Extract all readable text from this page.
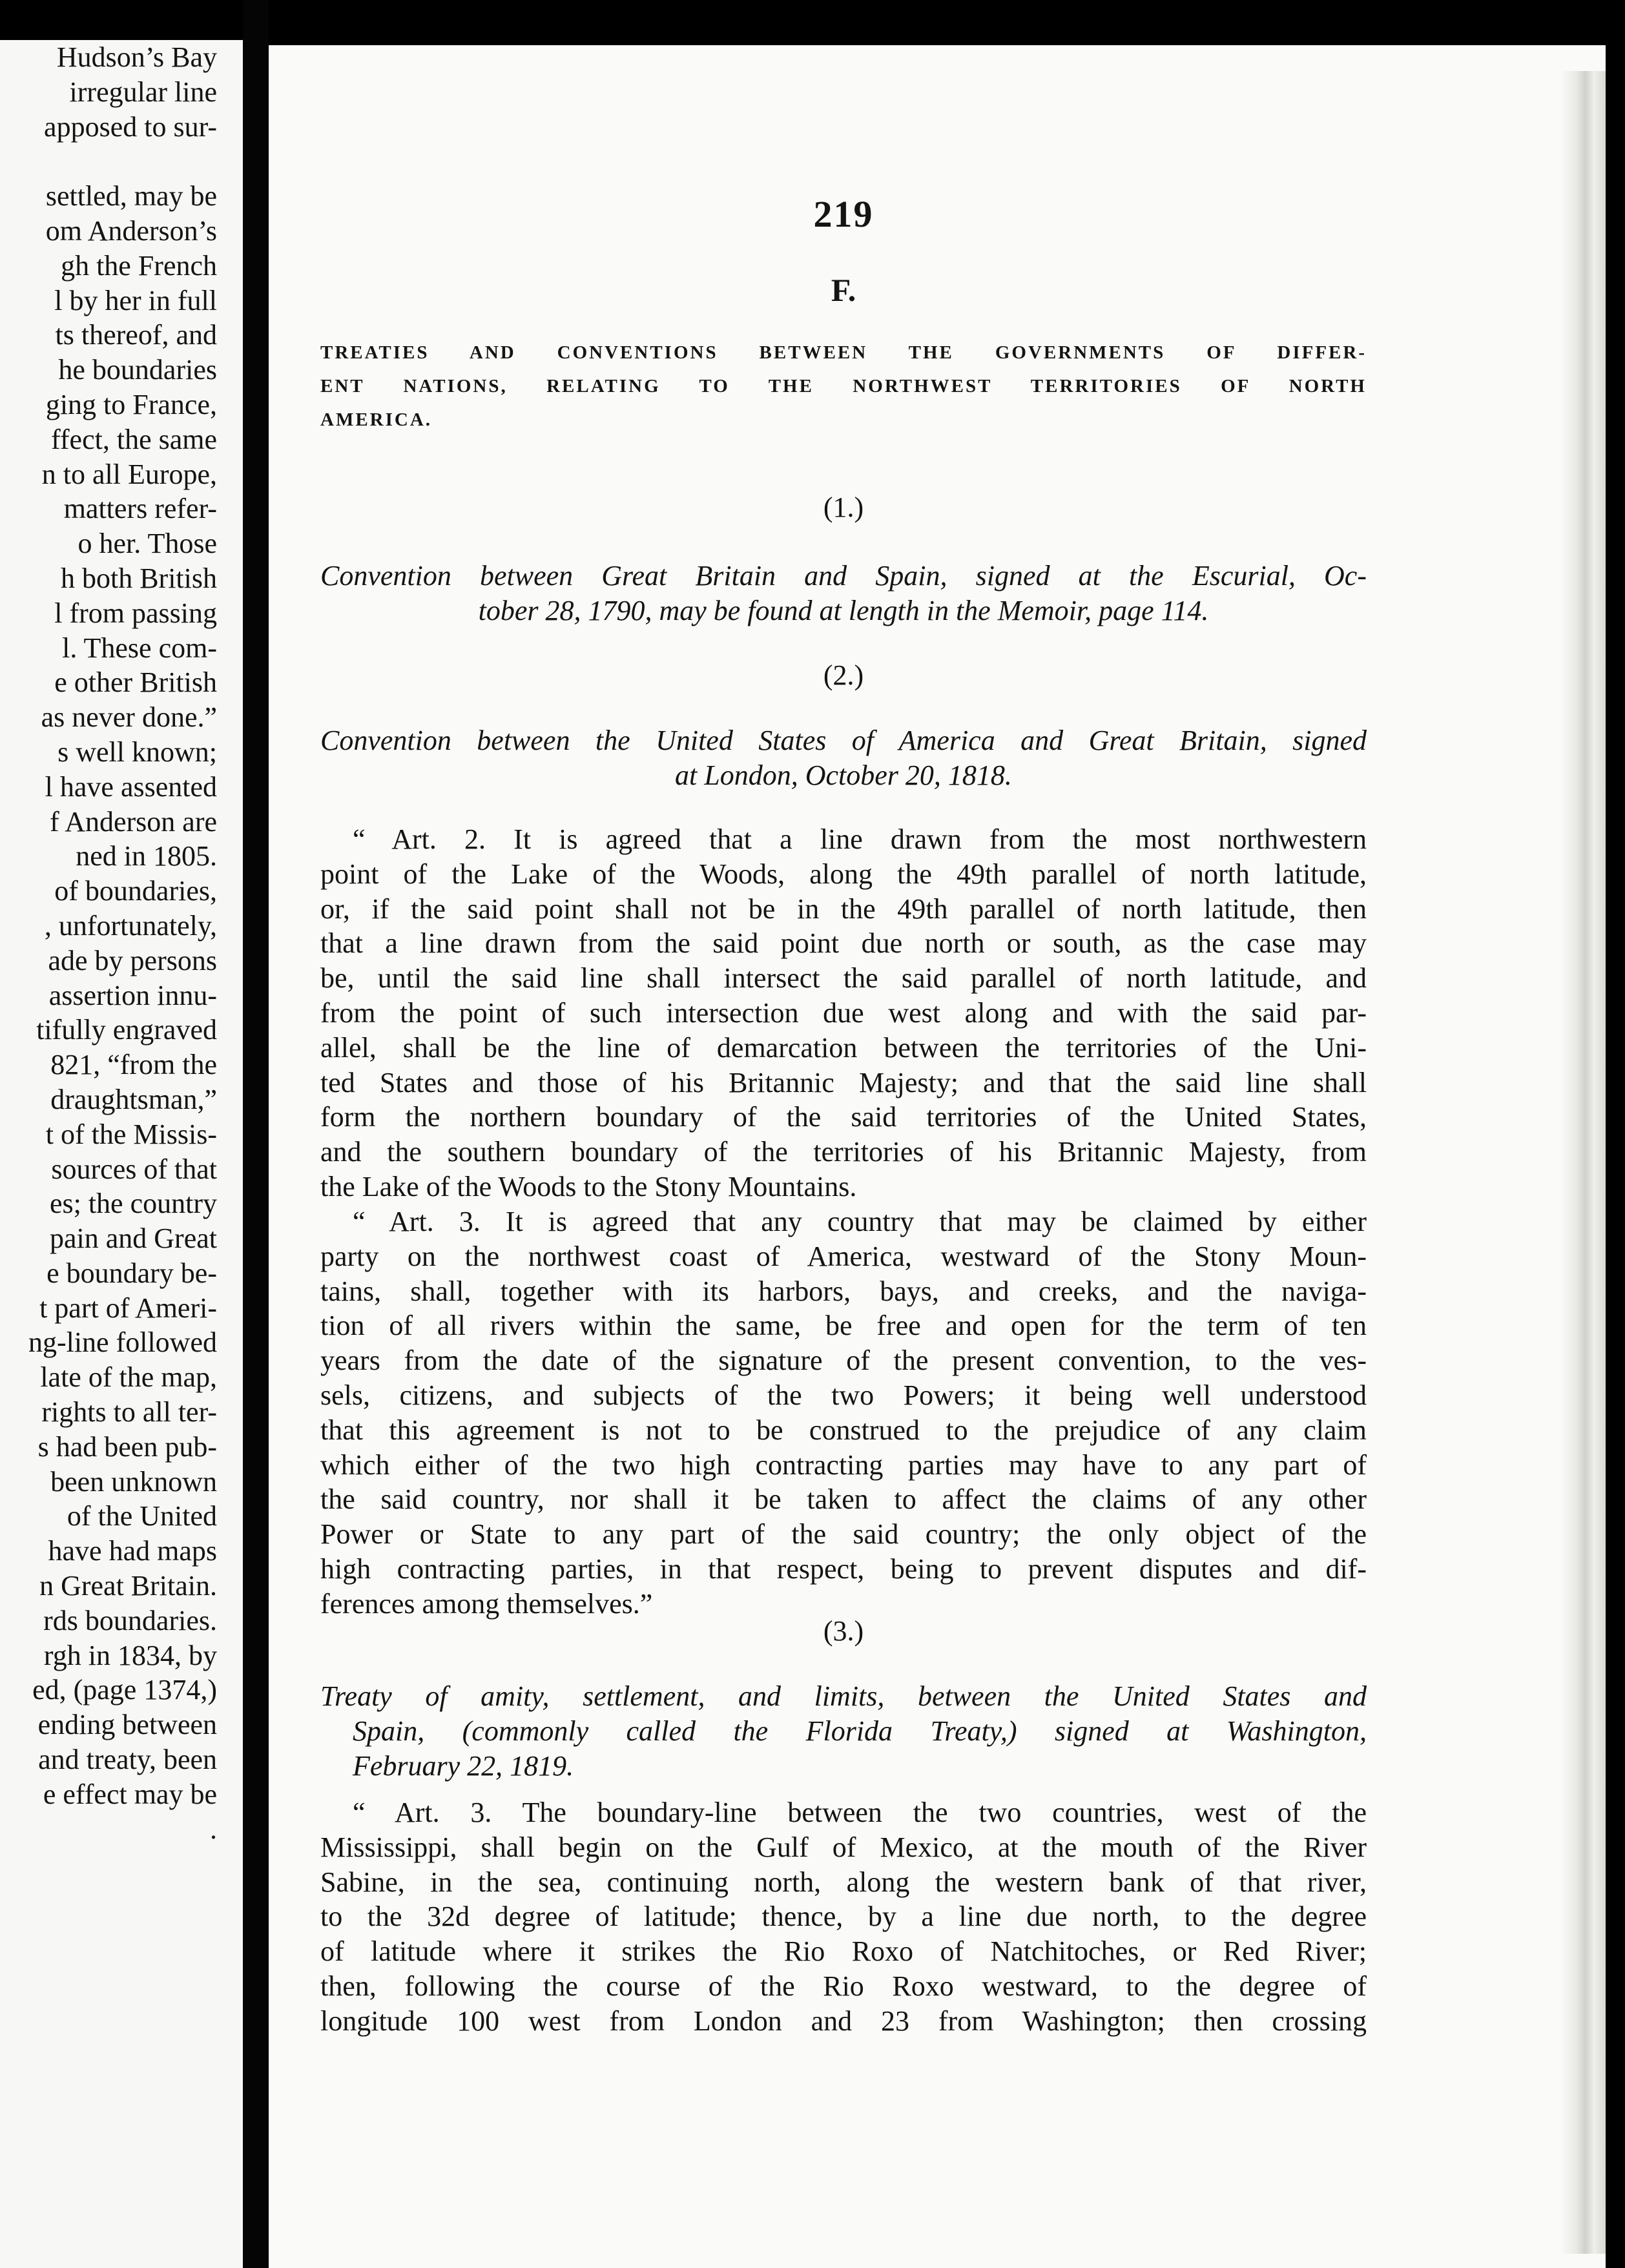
Hudson’s Bay
irregular line
apposed to sur-
settled, may be
om Anderson’s
gh the French
l by her in full
ts thereof, and
he boundaries
ging to France,
ffect, the same
n to all Europe,
matters refer-
o her. Those
h both British
l from passing
l. These com-
e other British
as never done.”
s well known;
l have assented
f Anderson are
ned in 1805.
of boundaries,
, unfortunately,
ade by persons
assertion innu-
tifully engraved
821, “from the
draughtsman,”
t of the Missis-
sources of that
es; the country
pain and Great
e boundary be-
t part of Ameri-
ng-line followed
late of the map,
rights to all ter-
s had been pub-
been unknown
of the United
have had maps
n Great Britain.
rds boundaries.
rgh in 1834, by
ed, (page 1374,)
ending between
and treaty, been
e effect may be
.
219
F.
TREATIES AND CONVENTIONS BETWEEN THE GOVERNMENTS OF DIFFER-
ENT NATIONS, RELATING TO THE NORTHWEST TERRITORIES OF NORTH
AMERICA.
(1.)
Convention between Great Britain and Spain, signed at the Escurial, Oc-
tober 28, 1790, may be found at length in the Memoir, page 114.
(2.)
Convention between the United States of America and Great Britain, signed
at London, October 20, 1818.
“ Art. 2. It is agreed that a line drawn from the most northwestern
point of the Lake of the Woods, along the 49th parallel of north latitude,
or, if the said point shall not be in the 49th parallel of north latitude, then
that a line drawn from the said point due north or south, as the case may
be, until the said line shall intersect the said parallel of north latitude, and
from the point of such intersection due west along and with the said par-
allel, shall be the line of demarcation between the territories of the Uni-
ted States and those of his Britannic Majesty; and that the said line shall
form the northern boundary of the said territories of the United States,
and the southern boundary of the territories of his Britannic Majesty, from
the Lake of the Woods to the Stony Mountains.
“ Art. 3. It is agreed that any country that may be claimed by either
party on the northwest coast of America, westward of the Stony Moun-
tains, shall, together with its harbors, bays, and creeks, and the naviga-
tion of all rivers within the same, be free and open for the term of ten
years from the date of the signature of the present convention, to the ves-
sels, citizens, and subjects of the two Powers; it being well understood
that this agreement is not to be construed to the prejudice of any claim
which either of the two high contracting parties may have to any part of
the said country, nor shall it be taken to affect the claims of any other
Power or State to any part of the said country; the only object of the
high contracting parties, in that respect, being to prevent disputes and dif-
ferences among themselves.”
(3.)
Treaty of amity, settlement, and limits, between the United States and
Spain, (commonly called the Florida Treaty,) signed at Washington,
February 22, 1819.
“ Art. 3. The boundary-line between the two countries, west of the
Mississippi, shall begin on the Gulf of Mexico, at the mouth of the River
Sabine, in the sea, continuing north, along the western bank of that river,
to the 32d degree of latitude; thence, by a line due north, to the degree
of latitude where it strikes the Rio Roxo of Natchitoches, or Red River;
then, following the course of the Rio Roxo westward, to the degree of
longitude 100 west from London and 23 from Washington; then crossing
